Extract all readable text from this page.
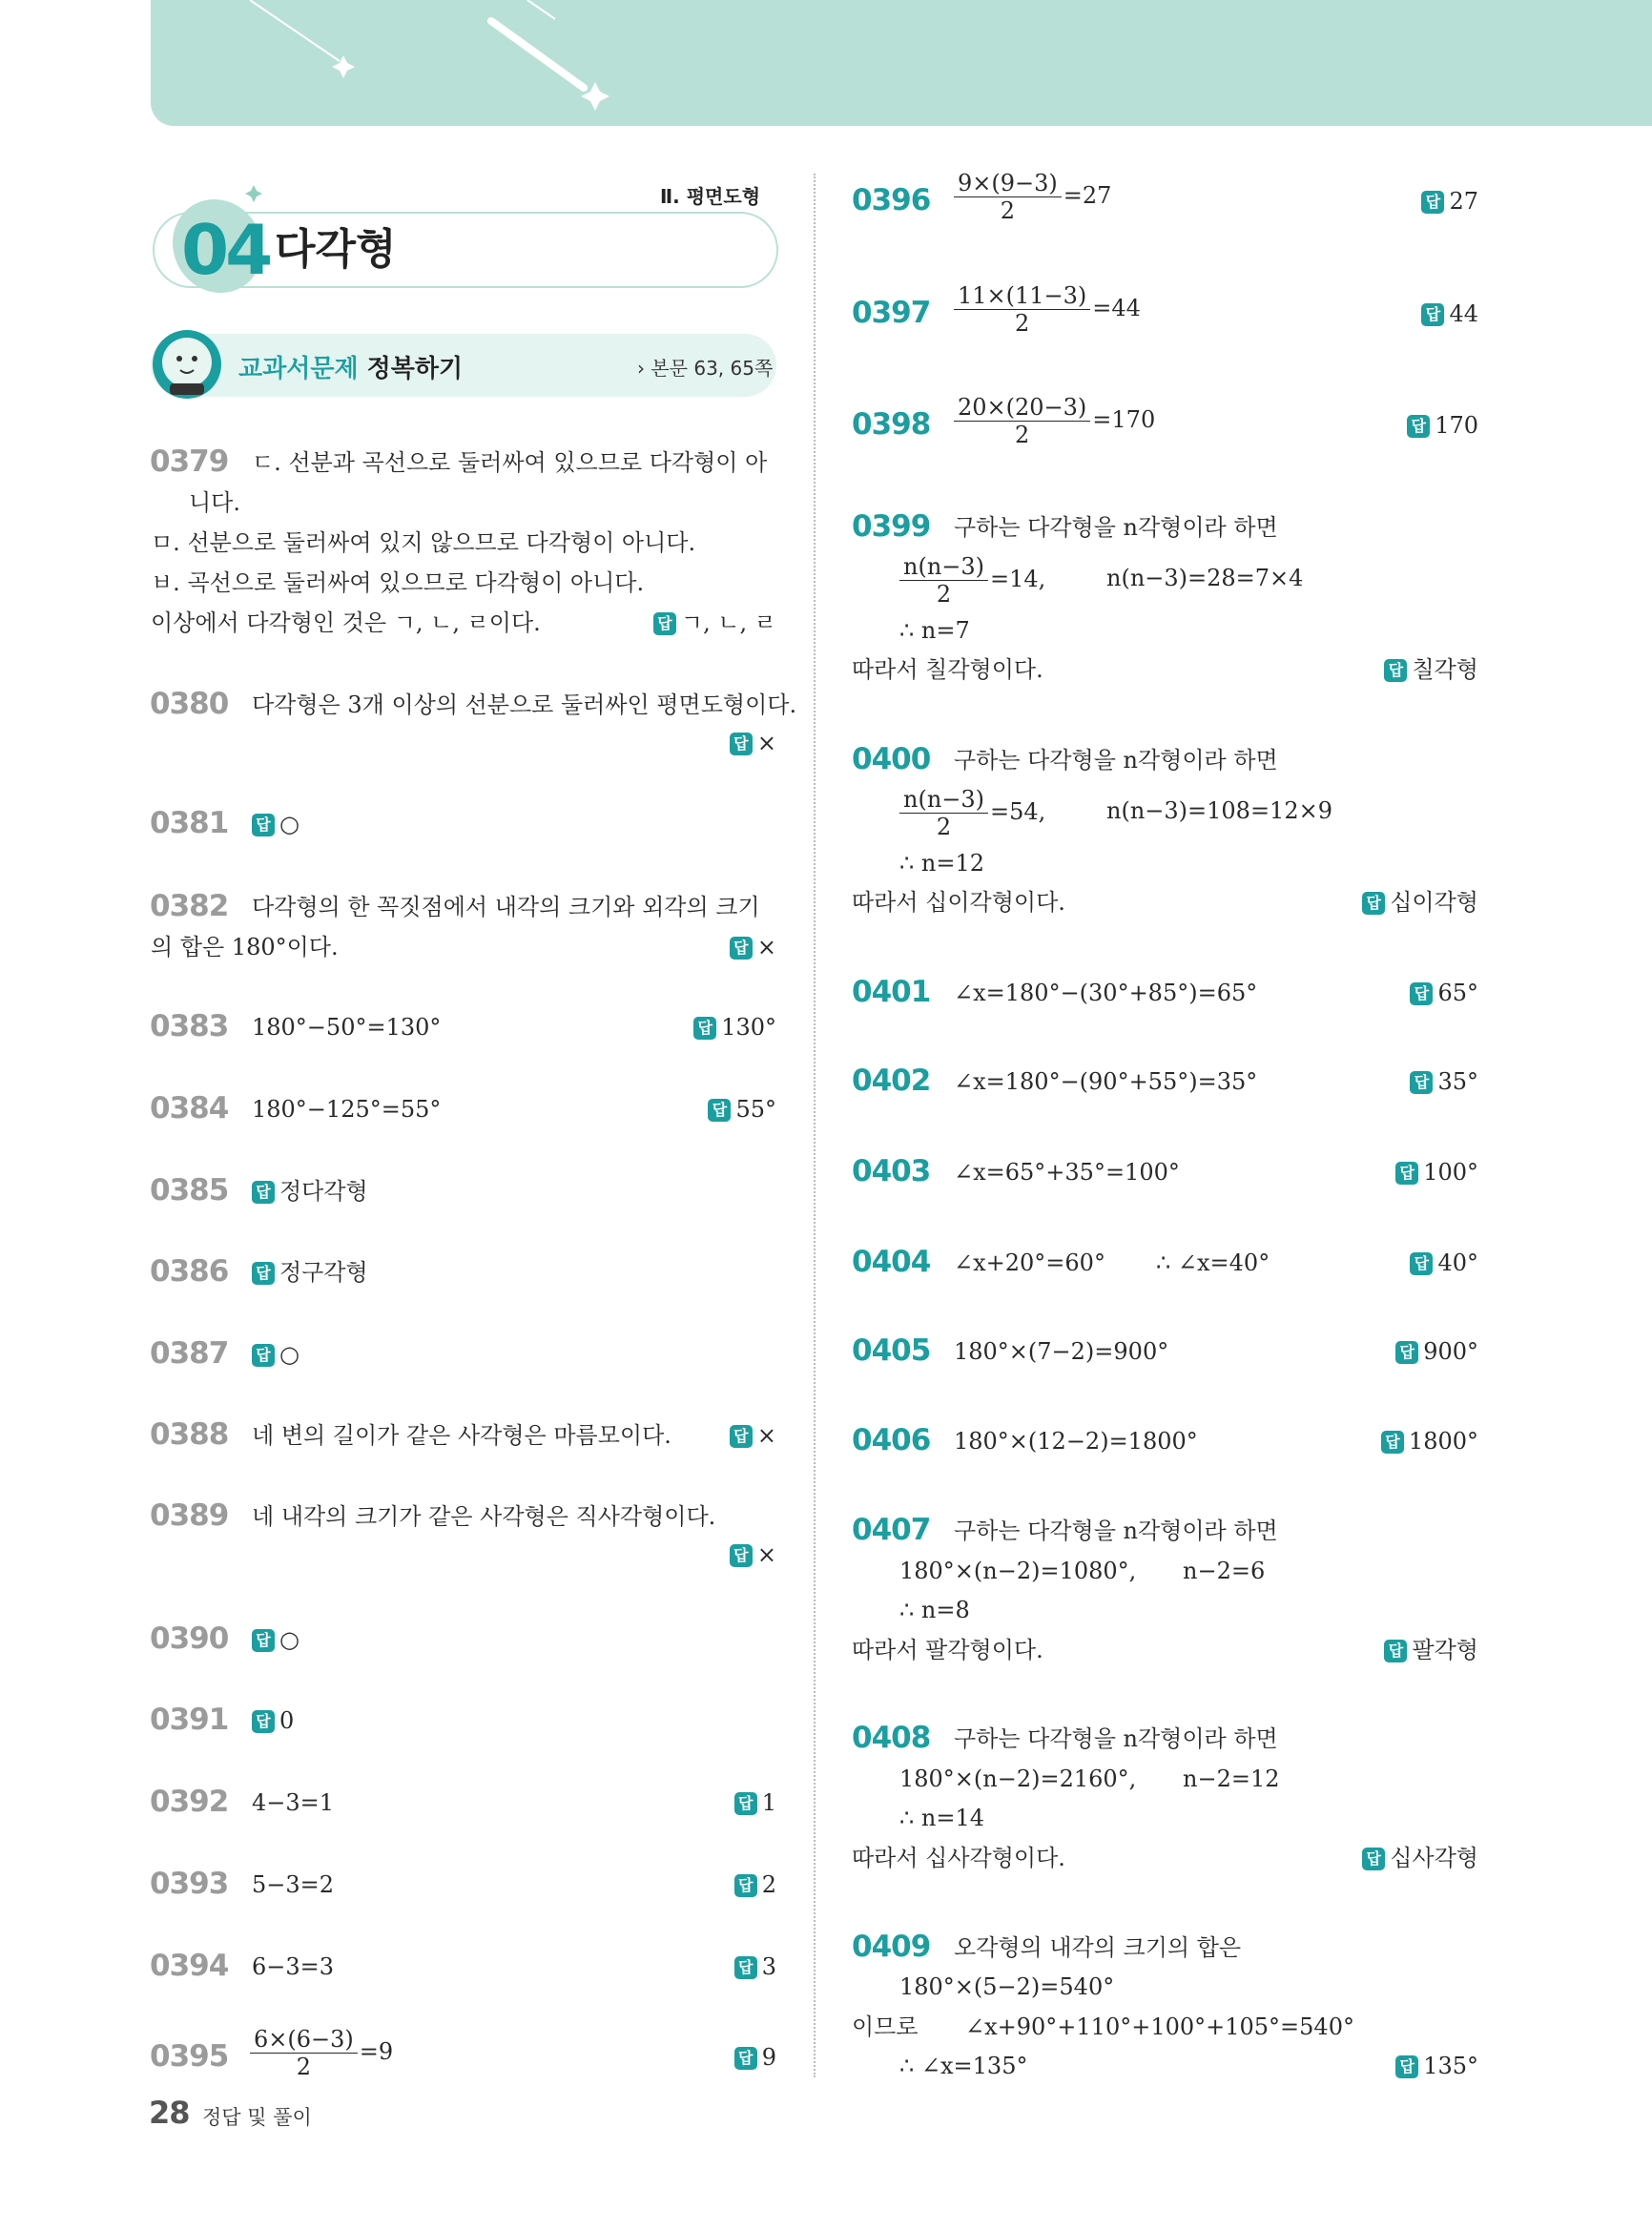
Ⅱ. 평면도형
04 다각형
교과서문제 정복하기	› 본문 63, 65쪽
0379 ㄷ. 선분과 곡선으로 둘러싸여 있으므로 다각형이 아
니다.
ㅁ. 선분으로 둘러싸여 있지 않으므로 다각형이 아니다.
ㅂ. 곡선으로 둘러싸여 있으므로 다각형이 아니다.
이상에서 다각형인 것은 ㄱ, ㄴ, ㄹ이다.	답 ㄱ, ㄴ, ㄹ
0380 다각형은 3개 이상의 선분으로 둘러싸인 평면도형이다.
답 ×
0381 답 ○
0382 다각형의 한 꼭짓점에서 내각의 크기와 외각의 크기
의 합은 180°이다.	답 ×
0383 180°−50°=130°	답 130°
0384 180°−125°=55°	답 55°
0385 답 정다각형
0386 답 정구각형
0387 답 ○
0388 네 변의 길이가 같은 사각형은 마름모이다.	답 ×
0389 네 내각의 크기가 같은 사각형은 직사각형이다.
답 ×
0390 답 ○
0391 답 0
0392 4−3=1	답 1
0393 5−3=2	답 2
0394 6−3=3	답 3
$0395 \frac{6\times(6-3)}{2} =9$	답 9
$0396 \frac{9\times(9-3)}{2} =27$	답 27
$0397 \frac{11\times(11-3)}{2} =44$	답 44
$0398 \frac{20\times(20-3)}{2} =170$	답 170
0399 구하는 다각형을 n각형이라 하면
$\frac{n(n-3)}{2} =14$,	n(n−3)=28=7×4
∴ n=7
따라서 칠각형이다.	답 칠각형
0400 구하는 다각형을 n각형이라 하면
$\frac{n(n-3)}{2} =54$,	n(n−3)=108=12×9
∴ n=12
따라서 십이각형이다.	답 십이각형
0401 ∠x=180°−(30°+85°)=65°	답 65°
0402 ∠x=180°−(90°+55°)=35°	답 35°
0403 ∠x=65°+35°=100°	답 100°
0404 ∠x+20°=60° ∴ ∠x=40°	답 40°
0405 180°×(7−2)=900°	답 900°
0406 180°×(12−2)=1800°	답 1800°
0407 구하는 다각형을 n각형이라 하면
180°×(n−2)=1080°, n−2=6
∴ n=8
따라서 팔각형이다.	답 팔각형
0408 구하는 다각형을 n각형이라 하면
180°×(n−2)=2160°, n−2=12
∴ n=14
따라서 십사각형이다.	답 십사각형
0409 오각형의 내각의 크기의 합은
180°×(5−2)=540°
이므로 ∠x+90°+110°+100°+105°=540°
∴ ∠x=135°	답 135°
28 정답 및 풀이
